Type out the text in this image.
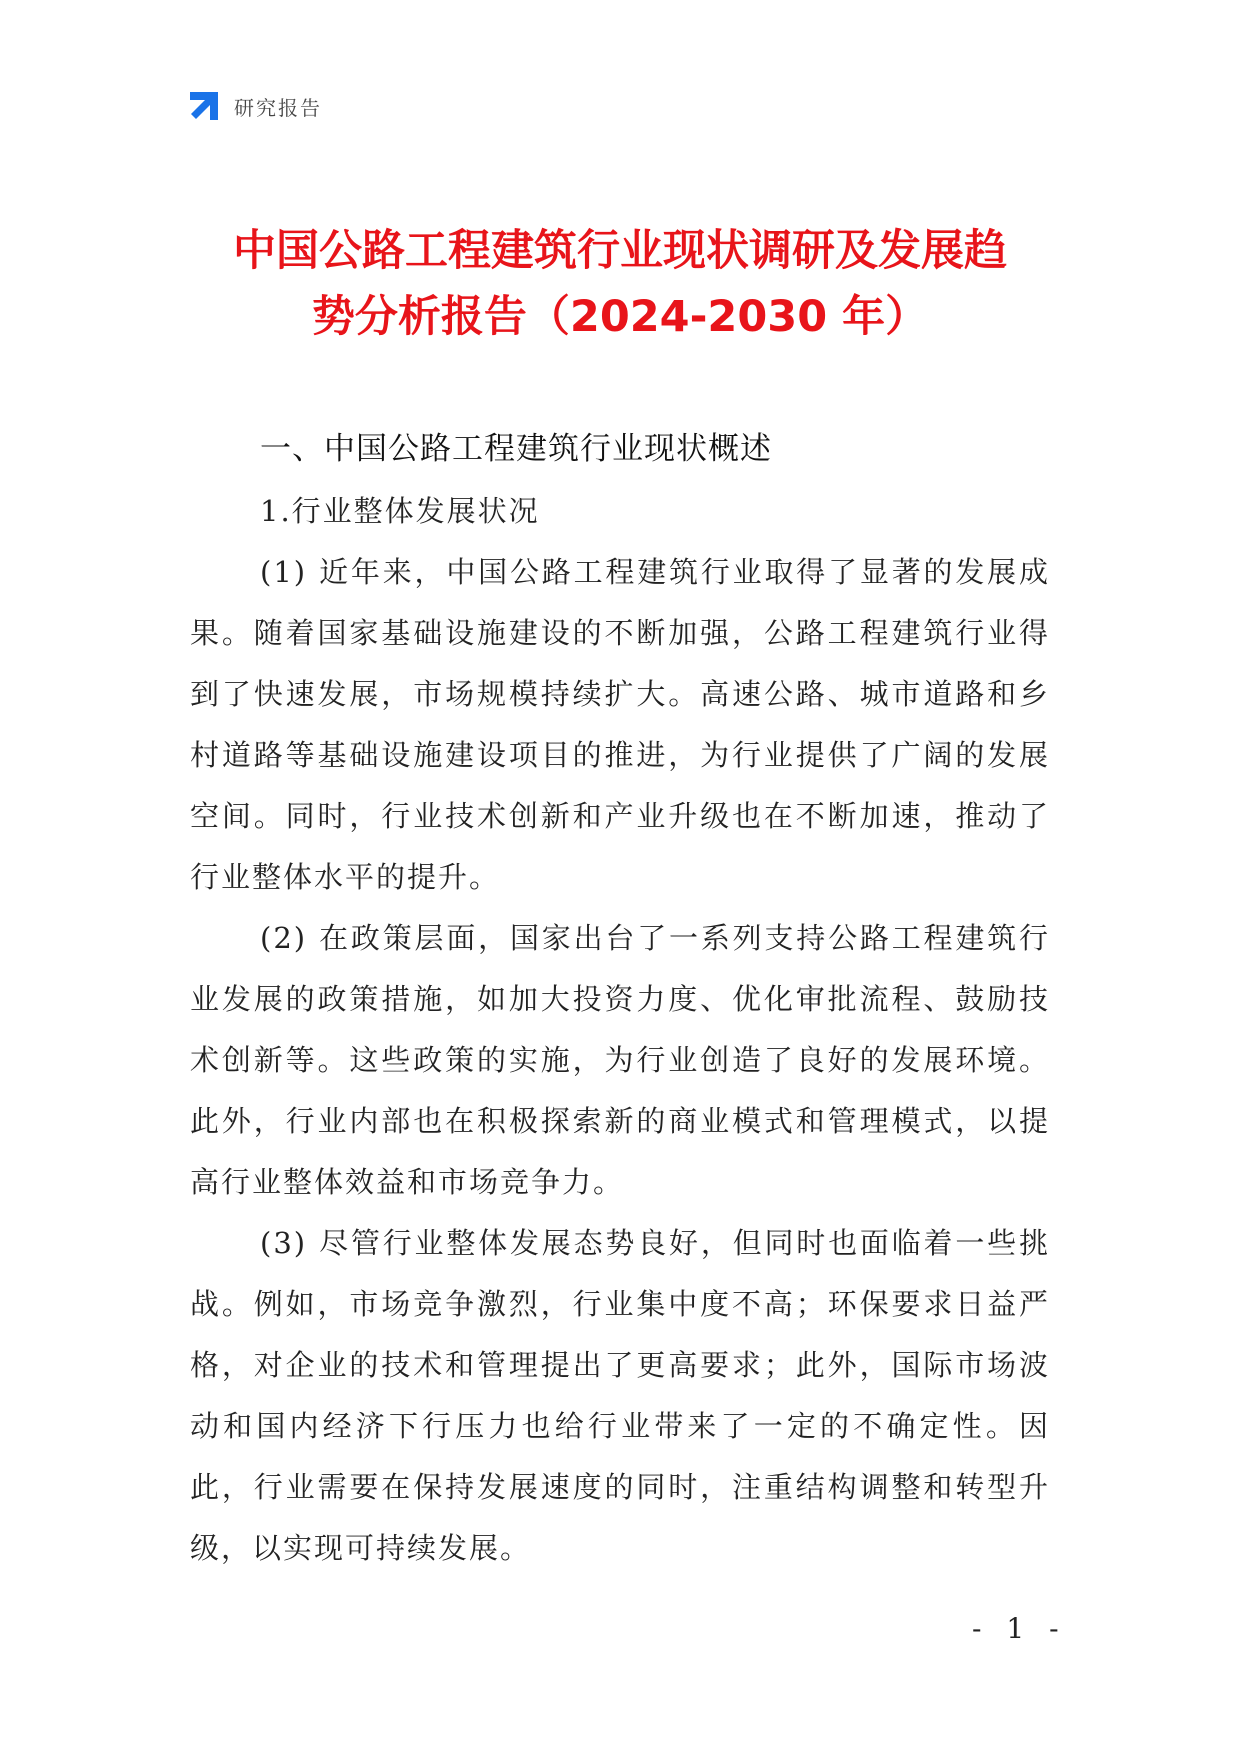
研究报告
中国公路工程建筑行业现状调研及发展趋
势分析报告（2024-2030 年）
一、中国公路工程建筑行业现状概述
1.行业整体发展状况

(1) 近年来，中国公路工程建筑行业取得了显著的发展成果。随着国家基础设施建设的不断加强，公路工程建筑行业得到了快速发展，市场规模持续扩大。高速公路、城市道路和乡村道路等基础设施建设项目的推进，为行业提供了广阔的发展空间。同时，行业技术创新和产业升级也在不断加速，推动了行业整体水平的提升。

(2) 在政策层面，国家出台了一系列支持公路工程建筑行业发展的政策措施，如加大投资力度、优化审批流程、鼓励技术创新等。这些政策的实施，为行业创造了良好的发展环境。此外，行业内部也在积极探索新的商业模式和管理模式，以提高行业整体效益和市场竞争力。

(3) 尽管行业整体发展态势良好，但同时也面临着一些挑战。例如，市场竞争激烈，行业集中度不高；环保要求日益严格，对企业的技术和管理提出了更高要求；此外，国际市场波动和国内经济下行压力也给行业带来了一定的不确定性。因此，行业需要在保持发展速度的同时，注重结构调整和转型升级，以实现可持续发展。

- 1 -
